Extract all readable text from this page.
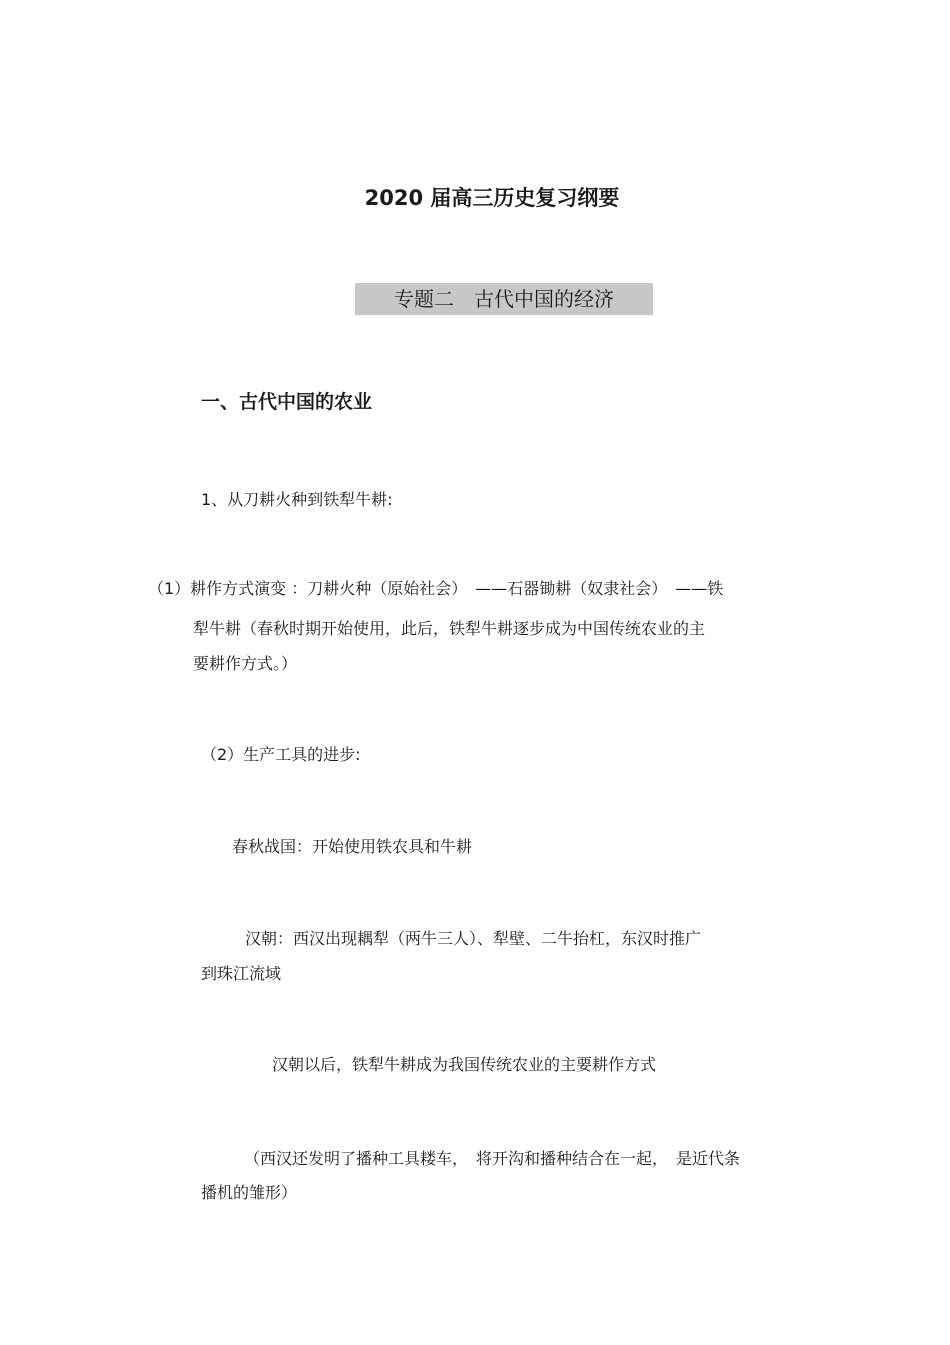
2020 届高三历史复习纲要
专题二　古代中国的经济
一、古代中国的农业

1、从刀耕火种到铁犁牛耕:

（1）耕作方式演变 ：刀耕火种（原始社会）　——石器锄耕（奴隶社会）　——铁

犁牛耕（春秋时期开始使用，此后，铁犁牛耕逐步成为中国传统农业的主

要耕作方式。）

（2）生产工具的进步:

春秋战国：开始使用铁农具和牛耕

汉朝：西汉出现耦犁（两牛三人）、犁壁、二牛抬杠，东汉时推广

到珠江流域

汉朝以后，铁犁牛耕成为我国传统农业的主要耕作方式

（西汉还发明了播种工具耧车，　将开沟和播种结合在一起，　是近代条

播机的雏形）
